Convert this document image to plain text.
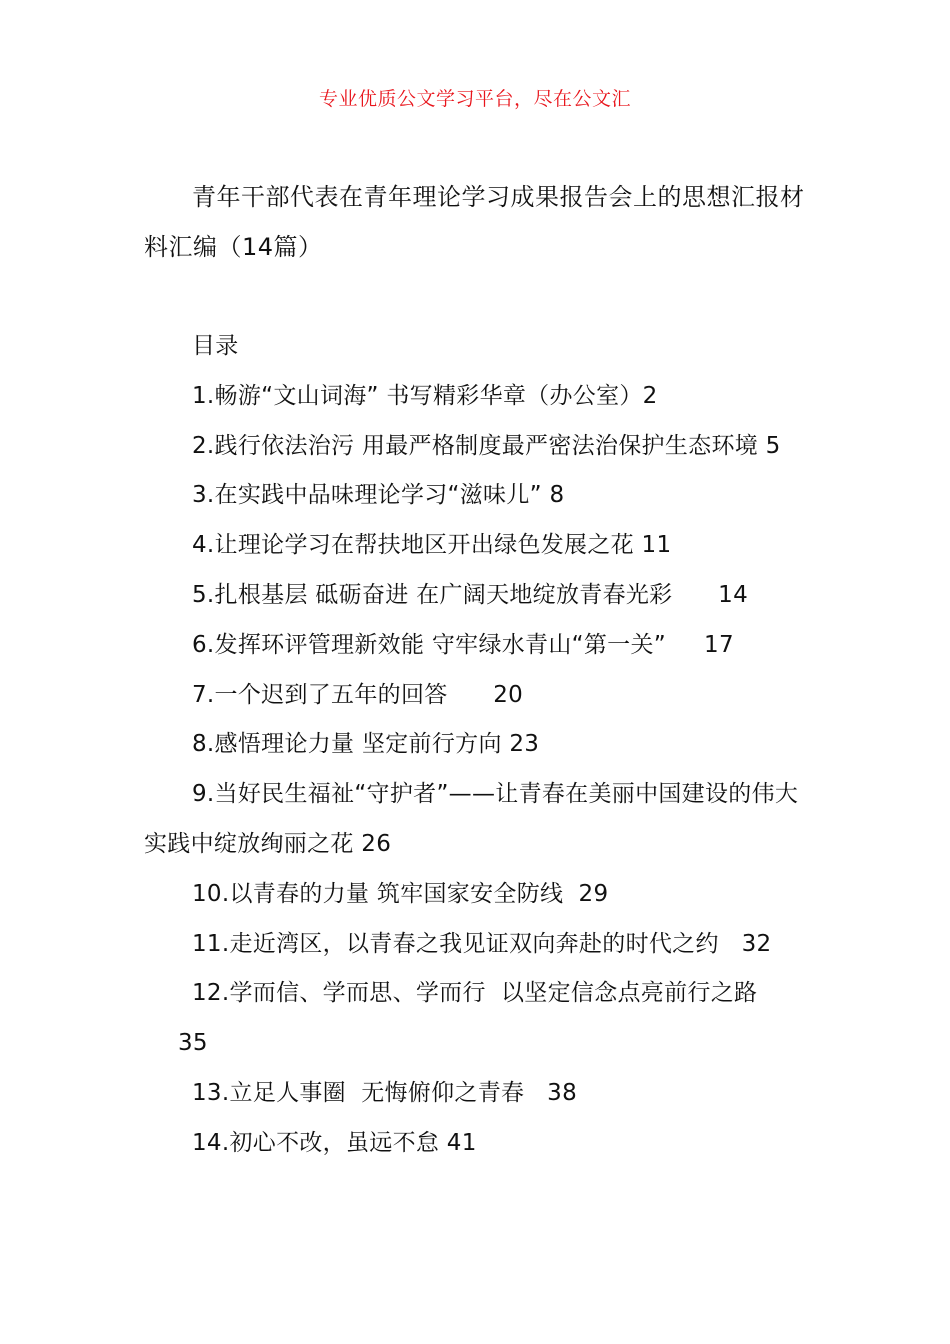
专业优质公文学习平台，尽在公文汇
青年干部代表在青年理论学习成果报告会上的思想汇报材料汇编（14篇）
目录
1.畅游“文山词海” 书写精彩华章（办公室）2
2.践行依法治污 用最严格制度最严密法治保护生态环境 5
3.在实践中品味理论学习“滋味儿” 8
4.让理论学习在帮扶地区开出绿色发展之花 11
5.扎根基层 砥砺奋进 在广阔天地绽放青春光彩      14
6.发挥环评管理新效能 守牢绿水青山“第一关”     17
7.一个迟到了五年的回答      20
8.感悟理论力量 坚定前行方向 23
9.当好民生福祉“守护者”——让青春在美丽中国建设的伟大实践中绽放绚丽之花 26
10.以青春的力量 筑牢国家安全防线  29
11.走近湾区，以青春之我见证双向奔赴的时代之约   32
12.学而信、学而思、学而行  以坚定信念点亮前行之路
35
13.立足人事圈  无悔俯仰之青春   38
14.初心不改，虽远不怠 41
